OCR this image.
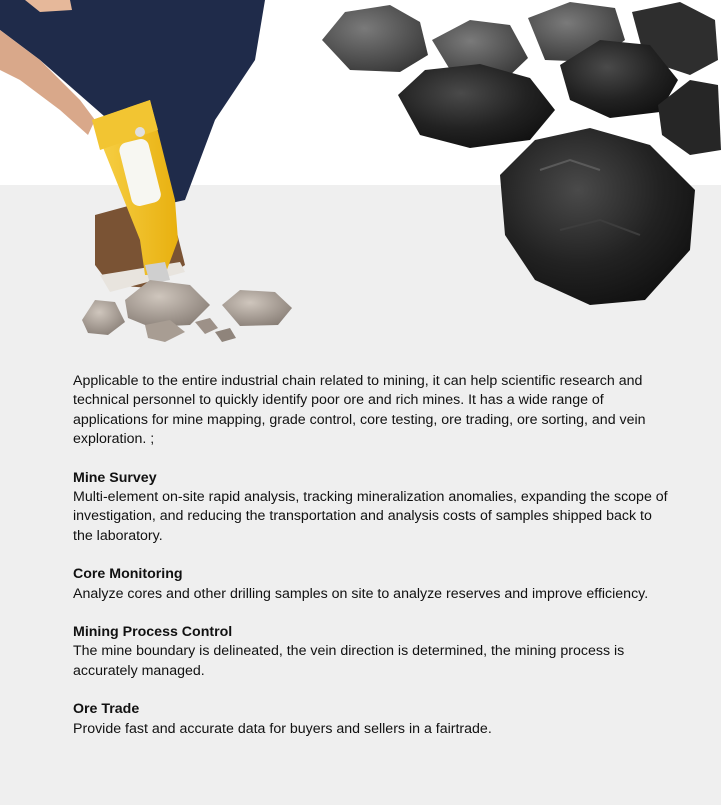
Applicable to the entire industrial chain related to mining, it can help scientific research and technical personnel to quickly identify poor ore and rich mines. It has a wide range of applications for mine mapping, grade control, core testing, ore trading, ore sorting, and vein exploration. ;

Mine Survey

Multi-element on-site rapid analysis, tracking mineralization anomalies, expanding the scope of investigation, and reducing the transportation and analysis costs of samples shipped back to the laboratory.

Core Monitoring

Analyze cores and other drilling samples on site to analyze reserves and improve efficiency.

Mining Process Control

The mine boundary is delineated, the vein direction is determined, the mining process is accurately managed.

Ore Trade

Provide fast and accurate data for buyers and sellers in a fairtrade.
